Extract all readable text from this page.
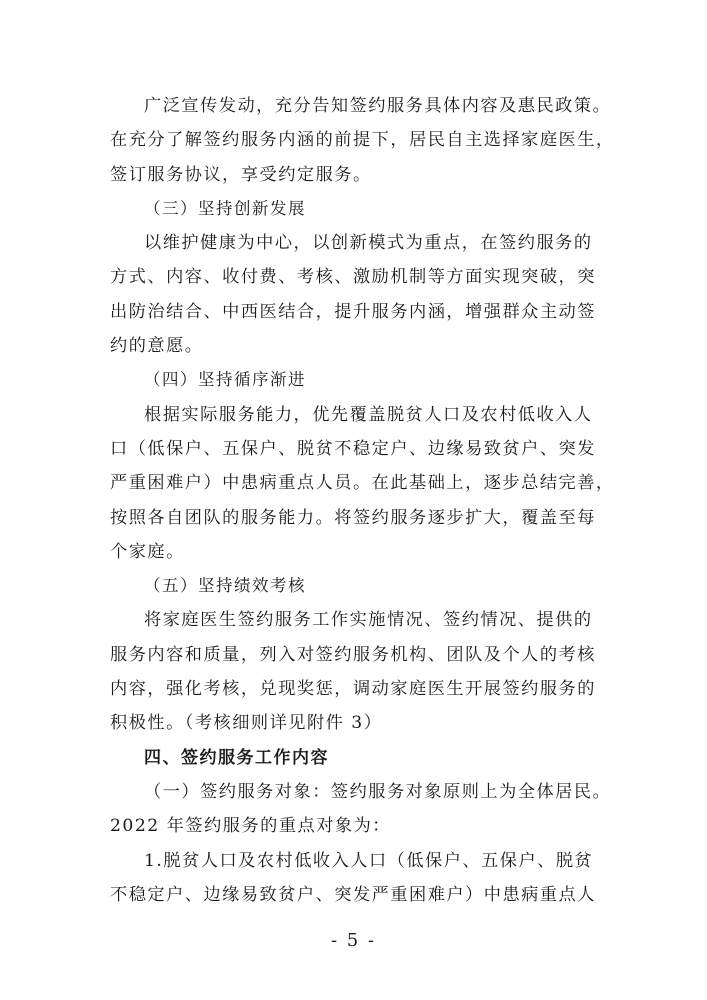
广泛宣传发动，充分告知签约服务具体内容及惠民政策。
在充分了解签约服务内涵的前提下，居民自主选择家庭医生，
签订服务协议，享受约定服务。
（三）坚持创新发展
以维护健康为中心，以创新模式为重点，在签约服务的
方式、内容、收付费、考核、激励机制等方面实现突破，突
出防治结合、中西医结合，提升服务内涵，增强群众主动签
约的意愿。
（四）坚持循序渐进
根据实际服务能力，优先覆盖脱贫人口及农村低收入人
口（低保户、五保户、脱贫不稳定户、边缘易致贫户、突发
严重困难户）中患病重点人员。在此基础上，逐步总结完善，
按照各自团队的服务能力。将签约服务逐步扩大，覆盖至每
个家庭。
（五）坚持绩效考核
将家庭医生签约服务工作实施情况、签约情况、提供的
服务内容和质量，列入对签约服务机构、团队及个人的考核
内容，强化考核，兑现奖惩，调动家庭医生开展签约服务的
积极性。（考核细则详见附件 3）
四、签约服务工作内容
（一）签约服务对象：签约服务对象原则上为全体居民。
2022 年签约服务的重点对象为：
1.脱贫人口及农村低收入人口（低保户、五保户、脱贫
不稳定户、边缘易致贫户、突发严重困难户）中患病重点人
- 5 -
